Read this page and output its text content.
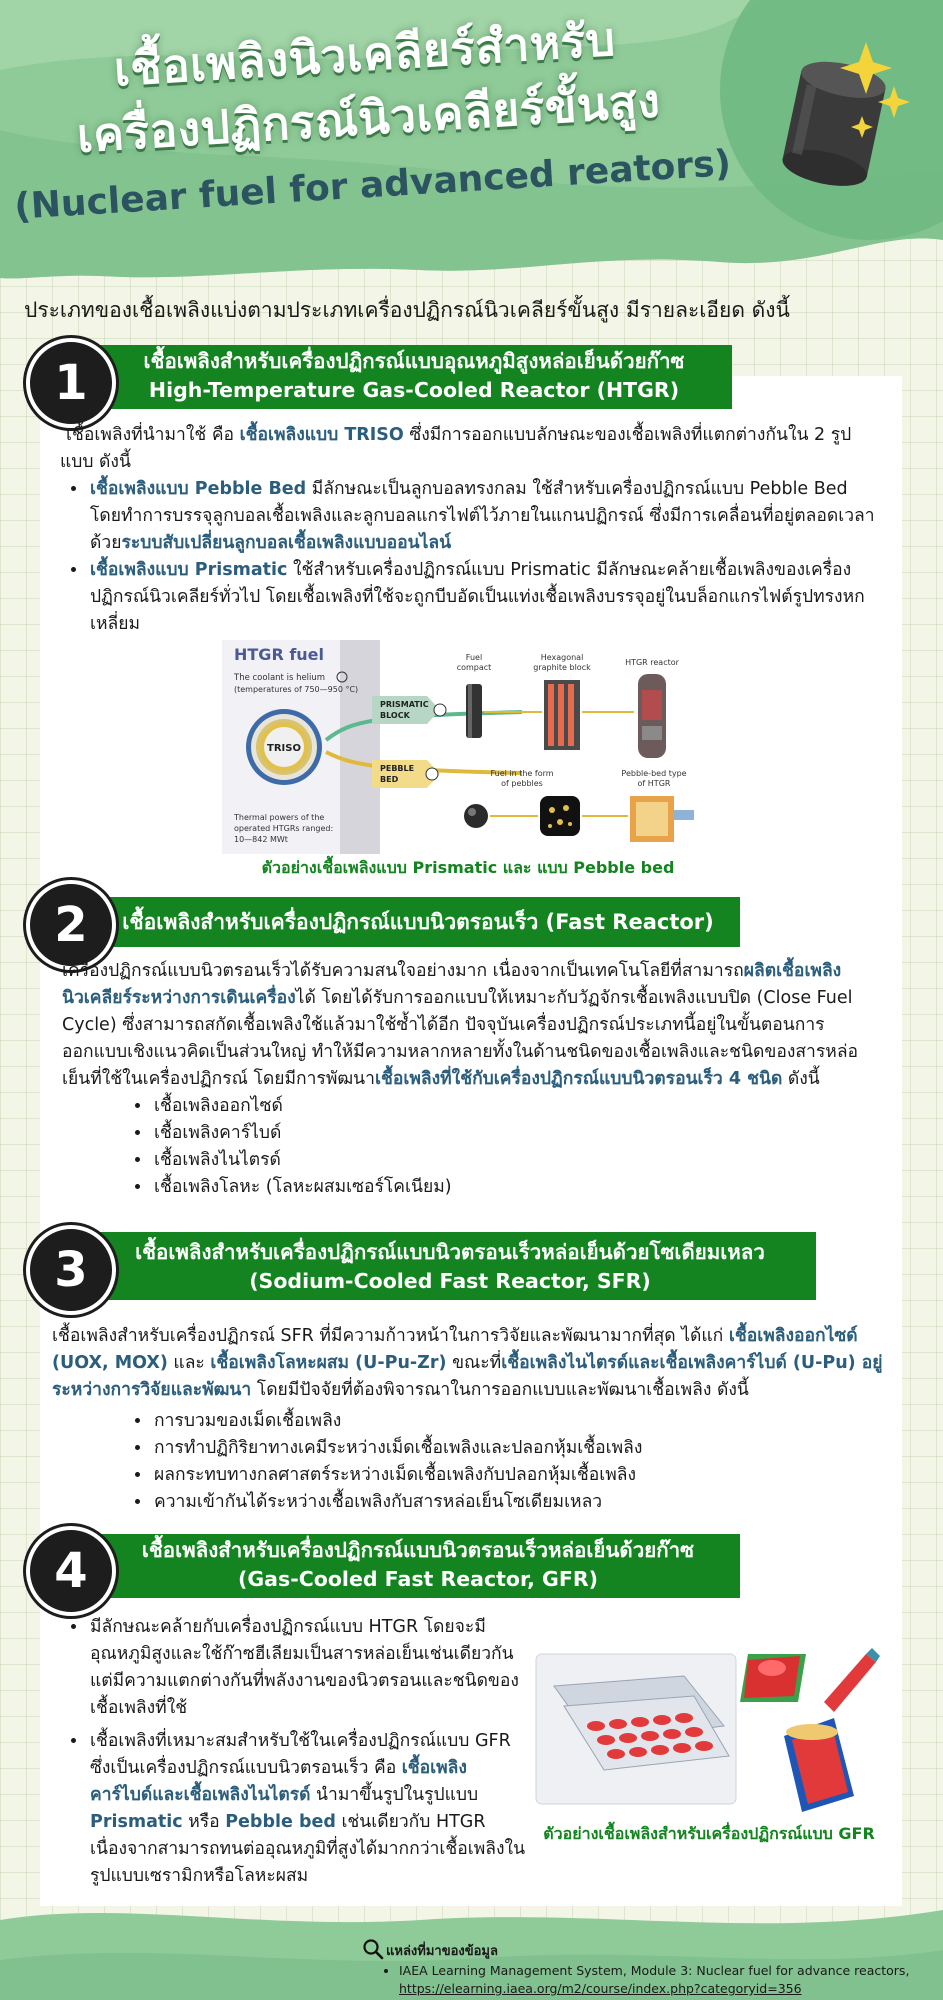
เชื้อเพลิงนิวเคลียร์สำหรับ
เครื่องปฏิกรณ์นิวเคลียร์ขั้นสูง
(Nuclear fuel for advanced reators)
ประเภทของเชื้อเพลิงแบ่งตามประเภทเครื่องปฏิกรณ์นิวเคลียร์ขั้นสูง มีรายละเอียด ดังนี้
เชื้อเพลิงสำหรับเครื่องปฏิกรณ์แบบอุณหภูมิสูงหล่อเย็นด้วยก๊าซ
High-Temperature Gas-Cooled Reactor (HTGR)
1

เชื้อเพลิงที่นำมาใช้ คือ เชื้อเพลิงแบบ TRISO ซึ่งมีการออกแบบลักษณะของเชื้อเพลิงที่แตกต่างกันใน 2 รูปแบบ ดังนี้

• เชื้อเพลิงแบบ Pebble Bed มีลักษณะเป็นลูกบอลทรงกลม ใช้สำหรับเครื่องปฏิกรณ์แบบ Pebble Bed โดยทำการบรรจุลูกบอลเชื้อเพลิงและลูกบอลแกรไฟต์ไว้ภายในแกนปฏิกรณ์ ซึ่งมีการเคลื่อนที่อยู่ตลอดเวลา ด้วยระบบสับเปลี่ยนลูกบอลเชื้อเพลิงแบบออนไลน์
• เชื้อเพลิงแบบ Prismatic ใช้สำหรับเครื่องปฏิกรณ์แบบ Prismatic มีลักษณะคล้ายเชื้อเพลิงของเครื่องปฏิกรณ์นิวเคลียร์ทั่วไป โดยเชื้อเพลิงที่ใช้จะถูกบีบอัดเป็นแท่งเชื้อเพลิงบรรจุอยู่ในบล็อกแกรไฟต์รูปทรงหกเหลี่ยม
HTGR fuel
The coolant is helium
(temperatures of 750—950 °C)
TRISO
PRISMATIC
BLOCK
PEBBLE
BED
Fuel
compact
Hexagonal
graphite block
HTGR reactor
Fuel in the form
of pebbles
Pebble-bed type
of HTGR
Thermal powers of the
operated HTGRs ranged:
10—842 MWt
ตัวอย่างเชื้อเพลิงแบบ Prismatic และ แบบ Pebble bed
เชื้อเพลิงสำหรับเครื่องปฏิกรณ์แบบนิวตรอนเร็ว (Fast Reactor)
2

เครื่องปฏิกรณ์แบบนิวตรอนเร็วได้รับความสนใจอย่างมาก เนื่องจากเป็นเทคโนโลยีที่สามารถผลิตเชื้อเพลิงนิวเคลียร์ระหว่างการเดินเครื่องได้ โดยได้รับการออกแบบให้เหมาะกับวัฏจักรเชื้อเพลิงแบบปิด (Close Fuel Cycle) ซึ่งสามารถสกัดเชื้อเพลิงใช้แล้วมาใช้ซ้ำได้อีก ปัจจุบันเครื่องปฏิกรณ์ประเภทนี้อยู่ในขั้นตอนการออกแบบเชิงแนวคิดเป็นส่วนใหญ่ ทำให้มีความหลากหลายทั้งในด้านชนิดของเชื้อเพลิงและชนิดของสารหล่อเย็นที่ใช้ในเครื่องปฏิกรณ์ โดยมีการพัฒนาเชื้อเพลิงที่ใช้กับเครื่องปฏิกรณ์แบบนิวตรอนเร็ว 4 ชนิด ดังนี้

• เชื้อเพลิงออกไซด์
• เชื้อเพลิงคาร์ไบด์
• เชื้อเพลิงไนไตรด์
• เชื้อเพลิงโลหะ (โลหะผสมเซอร์โคเนียม)
เชื้อเพลิงสำหรับเครื่องปฏิกรณ์แบบนิวตรอนเร็วหล่อเย็นด้วยโซเดียมเหลว
(Sodium-Cooled Fast Reactor, SFR)
3

เชื้อเพลิงสำหรับเครื่องปฏิกรณ์ SFR ที่มีความก้าวหน้าในการวิจัยและพัฒนามากที่สุด ได้แก่ เชื้อเพลิงออกไซด์ (UOX, MOX) และ เชื้อเพลิงโลหะผสม (U-Pu-Zr) ขณะที่เชื้อเพลิงไนไตรด์และเชื้อเพลิงคาร์ไบด์ (U-Pu) อยู่ระหว่างการวิจัยและพัฒนา โดยมีปัจจัยที่ต้องพิจารณาในการออกแบบและพัฒนาเชื้อเพลิง ดังนี้

• การบวมของเม็ดเชื้อเพลิง
• การทำปฏิกิริยาทางเคมีระหว่างเม็ดเชื้อเพลิงและปลอกหุ้มเชื้อเพลิง
• ผลกระทบทางกลศาสตร์ระหว่างเม็ดเชื้อเพลิงกับปลอกหุ้มเชื้อเพลิง
• ความเข้ากันได้ระหว่างเชื้อเพลิงกับสารหล่อเย็นโซเดียมเหลว
เชื้อเพลิงสำหรับเครื่องปฏิกรณ์แบบนิวตรอนเร็วหล่อเย็นด้วยก๊าซ
(Gas-Cooled Fast Reactor, GFR)
4
• มีลักษณะคล้ายกับเครื่องปฏิกรณ์แบบ HTGR โดยจะมีอุณหภูมิสูงและใช้ก๊าซฮีเลียมเป็นสารหล่อเย็นเช่นเดียวกัน แต่มีความแตกต่างกันที่พลังงานของนิวตรอนและชนิดของเชื้อเพลิงที่ใช้
• เชื้อเพลิงที่เหมาะสมสำหรับใช้ในเครื่องปฏิกรณ์แบบ GFR ซึ่งเป็นเครื่องปฏิกรณ์แบบนิวตรอนเร็ว คือ เชื้อเพลิงคาร์ไบด์และเชื้อเพลิงไนไตรด์ นำมาขึ้นรูปในรูปแบบ Prismatic หรือ Pebble bed เช่นเดียวกับ HTGR เนื่องจากสามารถทนต่ออุณหภูมิที่สูงได้มากกว่าเชื้อเพลิงในรูปแบบเซรามิกหรือโลหะผสม
ตัวอย่างเชื้อเพลิงสำหรับเครื่องปฏิกรณ์แบบ GFR
แหล่งที่มาของข้อมูล
• IAEA Learning Management System, Module 3: Nuclear fuel for advance reactors,
https://elearning.iaea.org/m2/course/index.php?categoryid=356
